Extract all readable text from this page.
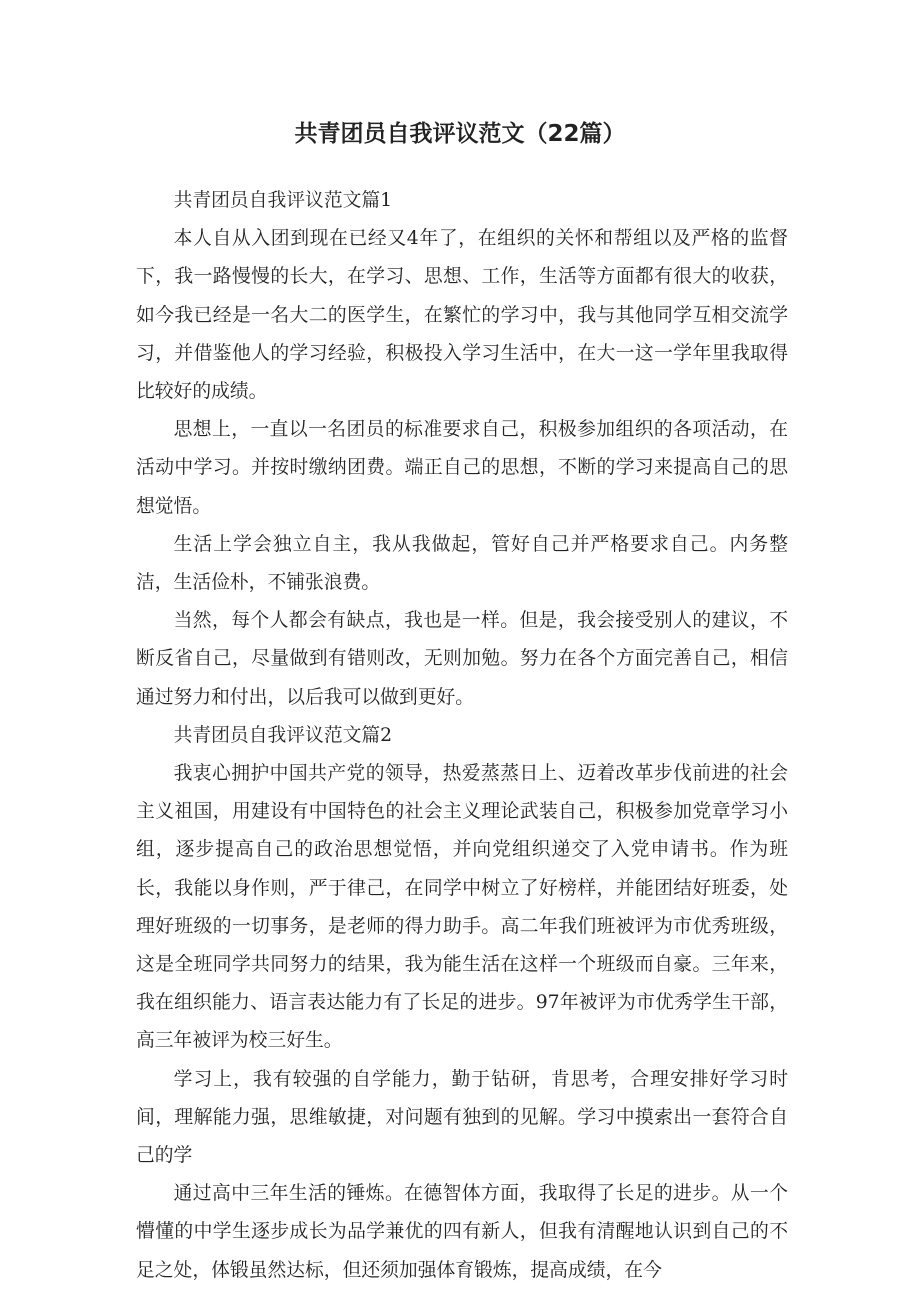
共青团员自我评议范文（22篇）

共青团员自我评议范文篇1

本人自从入团到现在已经又4年了，在组织的关怀和帮组以及严格的监督下，我一路慢慢的长大，在学习、思想、工作，生活等方面都有很大的收获，如今我已经是一名大二的医学生，在繁忙的学习中，我与其他同学互相交流学习，并借鉴他人的学习经验，积极投入学习生活中，在大一这一学年里我取得比较好的成绩。

思想上，一直以一名团员的标准要求自己，积极参加组织的各项活动，在活动中学习。并按时缴纳团费。端正自己的思想，不断的学习来提高自己的思想觉悟。

生活上学会独立自主，我从我做起，管好自己并严格要求自己。内务整洁，生活俭朴，不铺张浪费。

当然，每个人都会有缺点，我也是一样。但是，我会接受别人的建议，不断反省自己，尽量做到有错则改，无则加勉。努力在各个方面完善自己，相信通过努力和付出，以后我可以做到更好。

共青团员自我评议范文篇2

我衷心拥护中国共产党的领导，热爱蒸蒸日上、迈着改革步伐前进的社会主义祖国，用建设有中国特色的社会主义理论武装自己，积极参加党章学习小组，逐步提高自己的政治思想觉悟，并向党组织递交了入党申请书。作为班长，我能以身作则，严于律己，在同学中树立了好榜样，并能团结好班委，处理好班级的一切事务，是老师的得力助手。高二年我们班被评为市优秀班级，这是全班同学共同努力的结果，我为能生活在这样一个班级而自豪。三年来，我在组织能力、语言表达能力有了长足的进步。97年被评为市优秀学生干部，高三年被评为校三好生。

学习上，我有较强的自学能力，勤于钻研，肯思考，合理安排好学习时间，理解能力强，思维敏捷，对问题有独到的见解。学习中摸索出一套符合自己的学

通过高中三年生活的锤炼。在德智体方面，我取得了长足的进步。从一个懵懂的中学生逐步成长为品学兼优的四有新人，但我有清醒地认识到自己的不足之处，体锻虽然达标，但还须加强体育锻炼，提高成绩，在今
